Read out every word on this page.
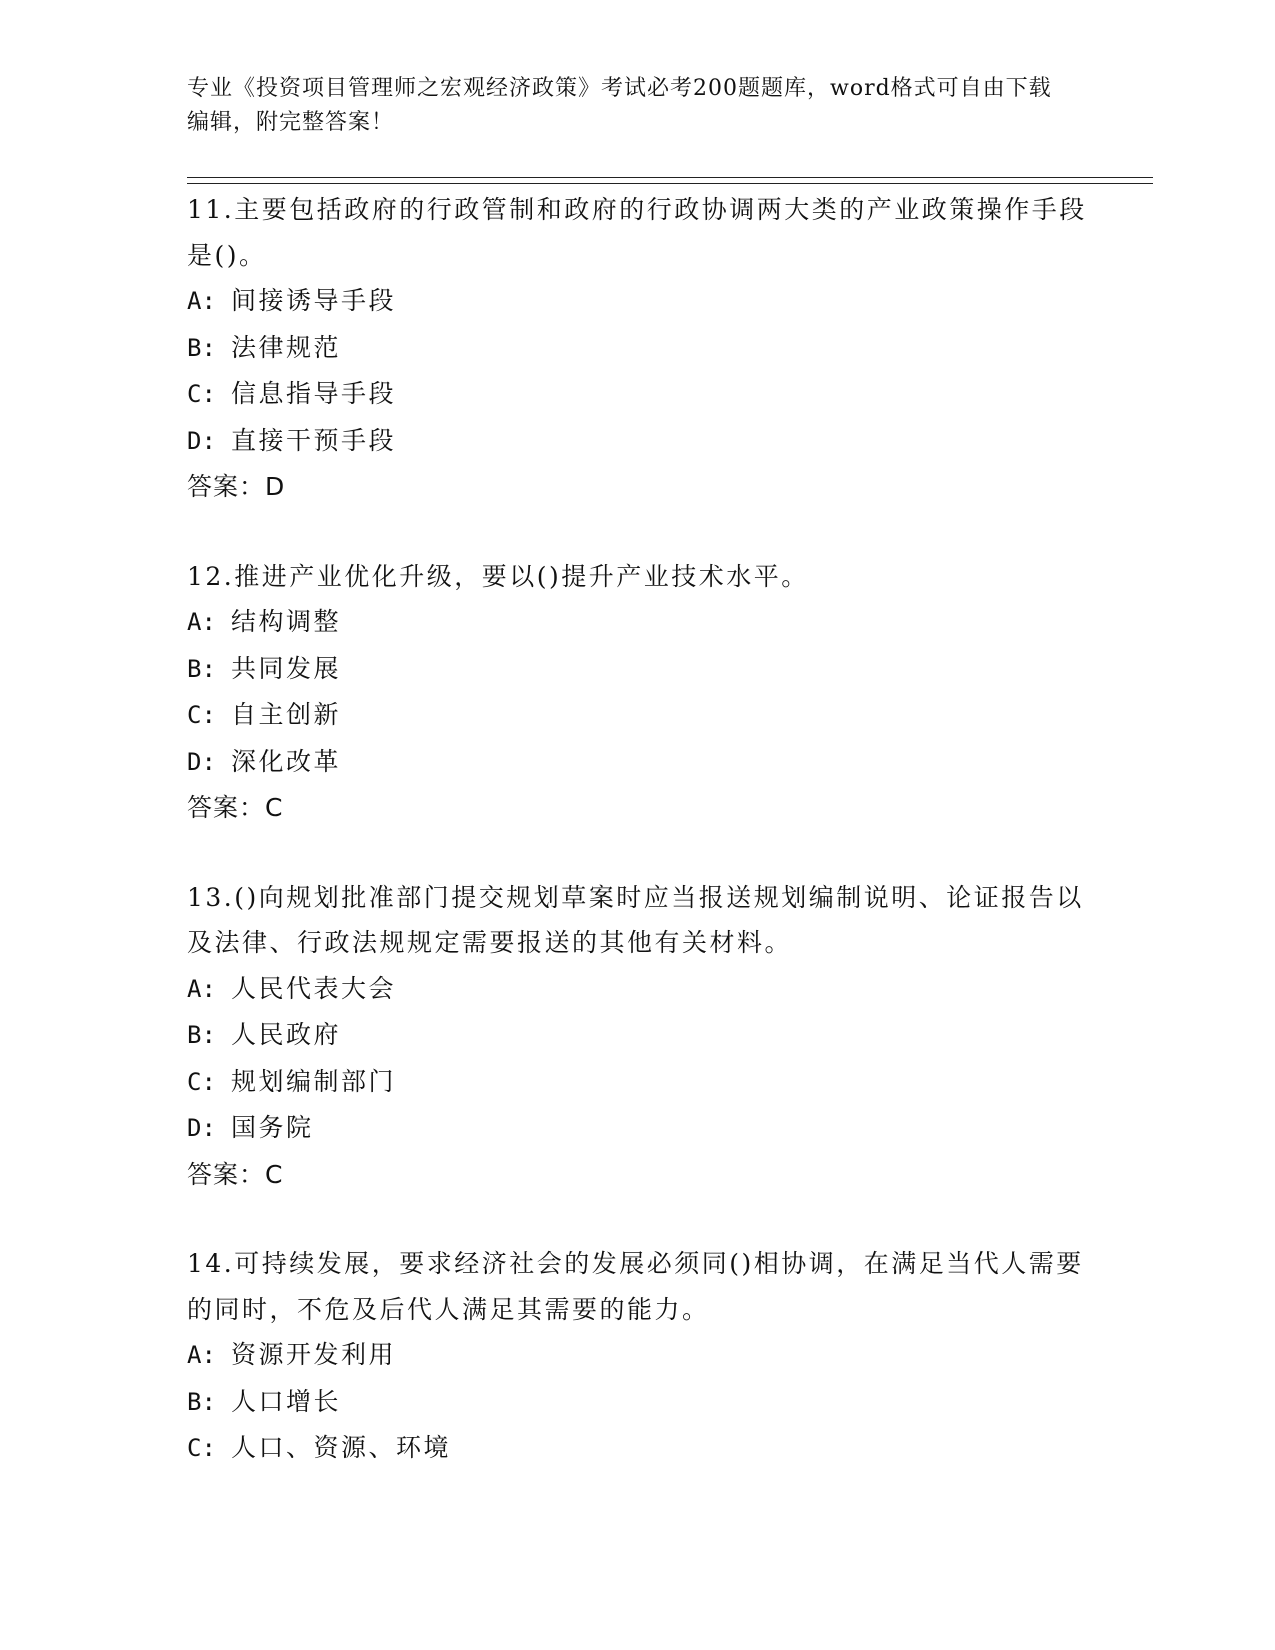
专业《投资项目管理师之宏观经济政策》考试必考200题题库，word格式可自由下载编辑，附完整答案！
11.主要包括政府的行政管制和政府的行政协调两大类的产业政策操作手段是()。
A: 间接诱导手段
B: 法律规范
C: 信息指导手段
D: 直接干预手段
答案：D
12.推进产业优化升级，要以()提升产业技术水平。
A: 结构调整
B: 共同发展
C: 自主创新
D: 深化改革
答案：C
13.()向规划批准部门提交规划草案时应当报送规划编制说明、论证报告以及法律、行政法规规定需要报送的其他有关材料。
A: 人民代表大会
B: 人民政府
C: 规划编制部门
D: 国务院
答案：C
14.可持续发展，要求经济社会的发展必须同()相协调，在满足当代人需要的同时，不危及后代人满足其需要的能力。
A: 资源开发利用
B: 人口增长
C: 人口、资源、环境
